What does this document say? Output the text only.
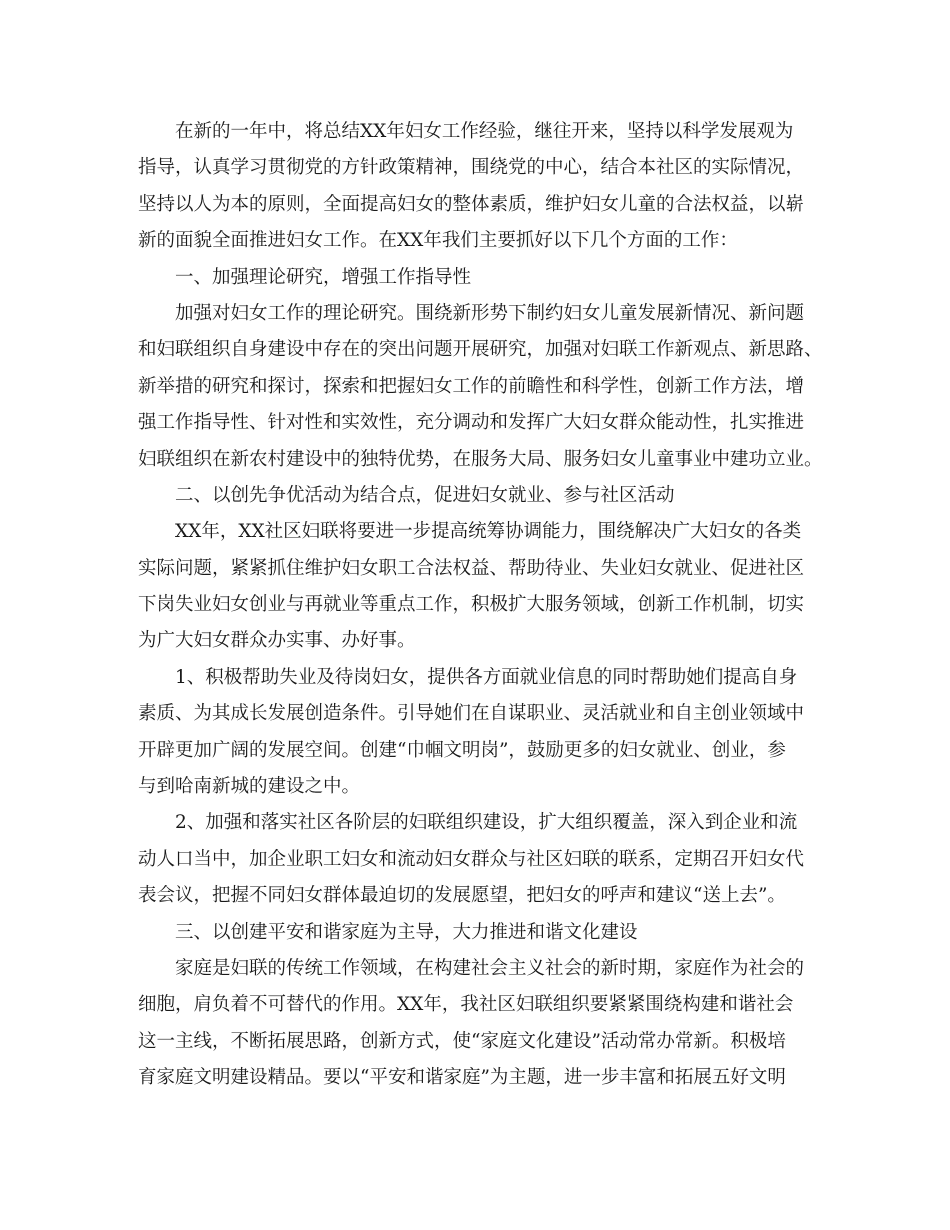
在新的一年中，将总结XX年妇女工作经验，继往开来，坚持以科学发展观为
指导，认真学习贯彻党的方针政策精神，围绕党的中心，结合本社区的实际情况，
坚持以人为本的原则，全面提高妇女的整体素质，维护妇女儿童的合法权益，以崭
新的面貌全面推进妇女工作。在XX年我们主要抓好以下几个方面的工作：
一、加强理论研究，增强工作指导性
加强对妇女工作的理论研究。围绕新形势下制约妇女儿童发展新情况、新问题
和妇联组织自身建设中存在的突出问题开展研究，加强对妇联工作新观点、新思路、
新举措的研究和探讨，探索和把握妇女工作的前瞻性和科学性，创新工作方法，增
强工作指导性、针对性和实效性，充分调动和发挥广大妇女群众能动性，扎实推进
妇联组织在新农村建设中的独特优势，在服务大局、服务妇女儿童事业中建功立业。
二、以创先争优活动为结合点，促进妇女就业、参与社区活动
XX年，XX社区妇联将要进一步提高统筹协调能力，围绕解决广大妇女的各类
实际问题，紧紧抓住维护妇女职工合法权益、帮助待业、失业妇女就业、促进社区
下岗失业妇女创业与再就业等重点工作，积极扩大服务领域，创新工作机制，切实
为广大妇女群众办实事、办好事。
1、积极帮助失业及待岗妇女，提供各方面就业信息的同时帮助她们提高自身
素质、为其成长发展创造条件。引导她们在自谋职业、灵活就业和自主创业领域中
开辟更加广阔的发展空间。创建“巾帼文明岗”，鼓励更多的妇女就业、创业，参
与到哈南新城的建设之中。
2、加强和落实社区各阶层的妇联组织建设，扩大组织覆盖，深入到企业和流
动人口当中，加企业职工妇女和流动妇女群众与社区妇联的联系，定期召开妇女代
表会议，把握不同妇女群体最迫切的发展愿望，把妇女的呼声和建议“送上去”。
三、以创建平安和谐家庭为主导，大力推进和谐文化建设
家庭是妇联的传统工作领域，在构建社会主义社会的新时期，家庭作为社会的
细胞，肩负着不可替代的作用。XX年，我社区妇联组织要紧紧围绕构建和谐社会
这一主线，不断拓展思路，创新方式，使“家庭文化建设”活动常办常新。积极培
育家庭文明建设精品。要以“平安和谐家庭”为主题，进一步丰富和拓展五好文明
